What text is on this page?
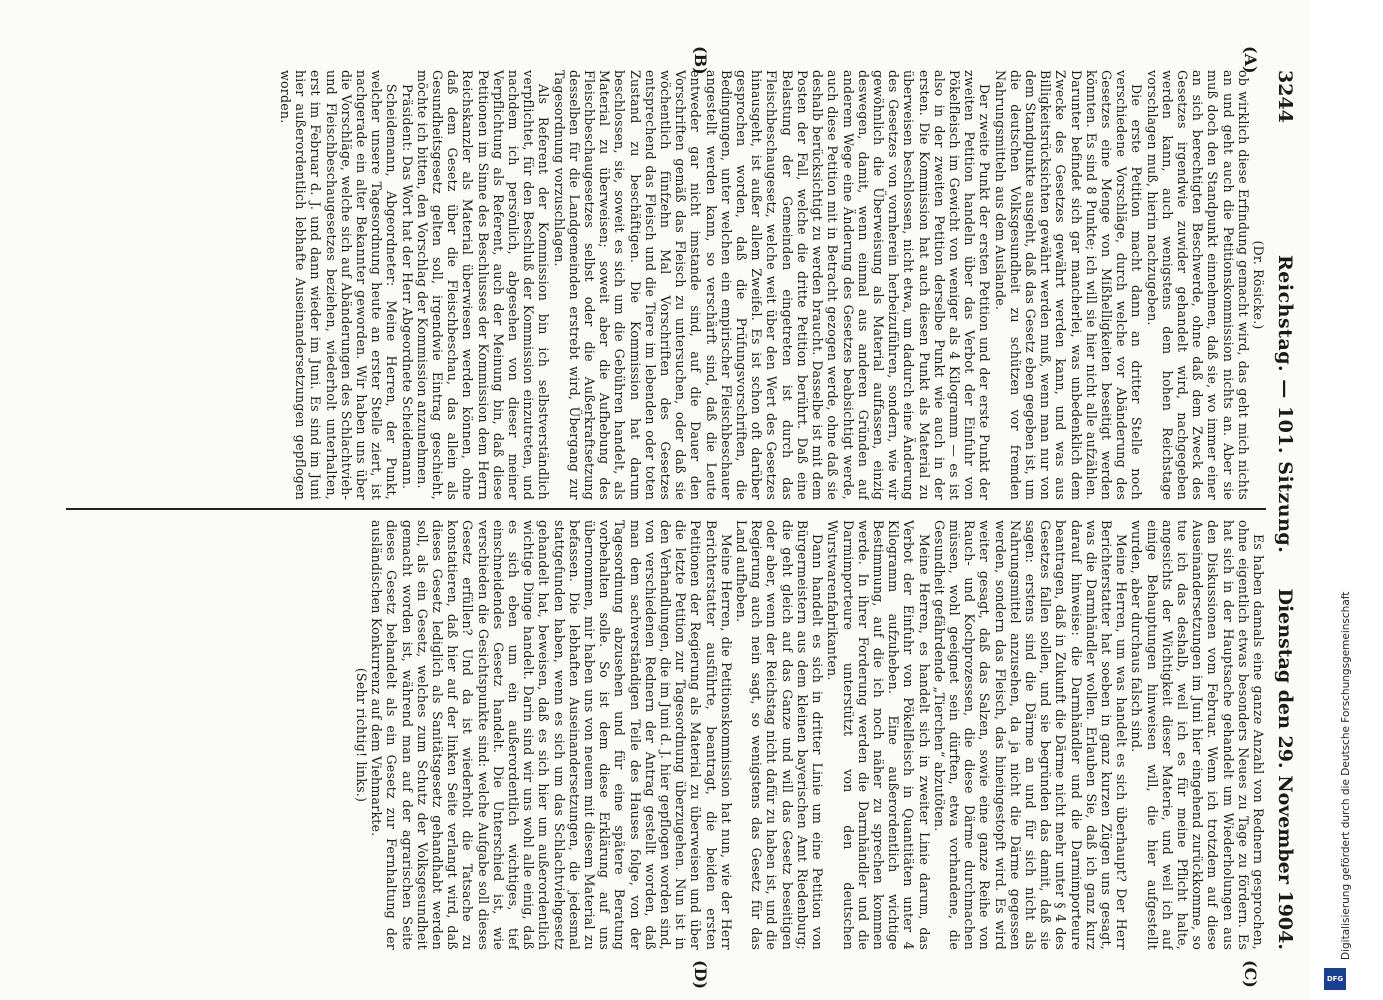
3244
Reichstag. — 101. Sitzung.
Dienstag den 29. November 1904.
(A)
(B)
(C)
(D)

(Dr. Rösicke.)

ob wirklich diese Erfindung gemacht wird, das geht mich nichts an und geht auch die Petitionskommission nichts an. Aber sie muß doch den Standpunkt einnehmen, daß sie, wo immer einer an sich berechtigten Beschwerde, ohne daß dem Zweck des Gesetzes irgendwie zuwider gehandelt wird, nachgegeben werden kann, auch wenigstens dem hohen Reichstage vorschlagen muß, hierin nachzugeben.

Die erste Petition macht dann an dritter Stelle noch verschiedene Vorschläge, durch welche vor Abänderung des Gesetzes eine Menge von Mißhelligkeiten beseitigt werden könnten. Es sind 8 Punkte; ich will sie hier nicht alle aufzählen. Darunter befindet sich gar mancherlei, was unbedenklich dem Zwecke des Gesetzes gewährt werden kann, und was aus Billigkeitsrücksichten gewährt werden muß, wenn man nur von dem Standpunkte ausgeht, daß das Gesetz eben gegeben ist, um die deutschen Volksgesundheit zu schützen vor fremden Nahrungsmitteln aus dem Auslande.

Der zweite Punkt der ersten Petition und der erste Punkt der zweiten Petition handeln über das Verbot der Einfuhr von Pökelfleisch im Gewicht von weniger als 4 Kilogramm — es ist also in der zweiten Petition derselbe Punkt wie auch in der ersten. Die Kommission hat auch diesen Punkt als Material zu überweisen beschlossen, nicht etwa, um dadurch eine Änderung des Gesetzes von vornherein herbeizuführen, sondern, wie wir gewöhnlich die Überweisung als Material auffassen, einzig deswegen, damit, wenn einmal aus anderen Gründen auf anderem Wege eine Änderung des Gesetzes beabsichtigt werde, auch diese Petition mit in Betracht gezogen werde, ohne daß sie deshalb berücksichtigt zu werden braucht. Dasselbe ist mit dem Posten der Fall, welche die dritte Petition berührt. Daß eine Belastung der Gemeinden eingetreten ist durch das Fleischbeschaugesetz, welche weit über den Wert des Gesetzes hinausgeht, ist außer allem Zweifel. Es ist schon oft darüber gesprochen worden, daß die Prüfungsvorschriften, die Bedingungen, unter welchen ein empirischer Fleischbeschauer angestellt werden kann, so verschärft sind, daß die Leute entweder gar nicht imstande sind, auf die Dauer den Vorschriften gemäß das Fleisch zu untersuchen, oder daß sie wöchentlich fünfzehn Mal Vorschriften des Gesetzes entsprechend das Fleisch und die Tiere im lebenden oder toten Zustand zu beschäftigen. Die Kommission hat darum beschlossen, sie, soweit es sich um die Gebühren handelt, als Material zu überweisen; soweit aber die Aufhebung des Fleischbeschaugesetzes selbst oder die Außerkraftsetzung desselben für die Landgemeinden erstrebt wird, Übergang zur Tagesordnung vorzuschlagen.

Als Referent der Kommission bin ich selbstverständlich verpflichtet, für den Beschluß der Kommission einzutreten, und nachdem ich persönlich, abgesehen von dieser meiner Verpflichtung als Referent, auch der Meinung bin, daß diese Petitionen im Sinne des Beschlusses der Kommission dem Herrn Reichskanzler als Material überwiesen werden können, ohne daß dem Gesetz über die Fleischbeschau, das allein als Gesundheitsgesetz gelten soll, irgendwie Eintrag geschieht, möchte ich bitten, den Vorschlag der Kommission anzunehmen.

Präsident: Das Wort hat der Herr Abgeordnete Scheidemann.

Scheidemann, Abgeordneter: Meine Herren, der Punkt, welcher unsere Tagesordnung heute an erster Stelle ziert, ist nachgerade ein alter Bekannter geworden. Wir haben uns über die Vorschläge, welche sich auf Abänderungen des Schlachtvieh- und Fleischbeschaugesetzes beziehen, wiederholt unterhalten, erst im Februar d. J. und dann wieder im Juni. Es sind im Juni hier außerordentlich lebhafte Auseinandersetzungen gepflogen worden.

Es haben damals eine ganze Anzahl von Rednern gesprochen, ohne eigentlich etwas besonders Neues zu Tage zu fördern. Es hat sich in der Hauptsache gehandelt um Wiederholungen aus den Diskussionen vom Februar. Wenn ich trotzdem auf diese Auseinandersetzungen im Juni hier eingehend zurückkomme, so tue ich das deshalb, weil ich es für meine Pflicht halte, angesichts der Wichtigkeit dieser Materie, und weil ich auf einige Behauptungen hinweisen will, die hier aufgestellt wurden, aber durchaus falsch sind.

Meine Herren, um was handelt es sich überhaupt? Der Herr Berichterstatter hat soeben in ganz kurzen Zügen uns gesagt, was die Darmhändler wollen. Erlauben Sie, daß ich ganz kurz darauf hinweise: die Darmhändler und die Darmimporteure beantragen, daß in Zukunft die Därme nicht mehr unter § 4 des Gesetzes fallen sollen, und sie begründen das damit, daß sie sagen: erstens sind die Därme an und für sich nicht als Nahrungsmittel anzusehen, da ja nicht die Därme gegessen werden, sondern das Fleisch, das hineingestopft wird. Es wird weiter gesagt, daß das Salzen, sowie eine ganze Reihe von Rauch- und Kochprozessen, die diese Därme durchmachen müssen, wohl geeignet sein dürften, etwa vorhandene, die Gesundheit gefährdende „Tierchen“ abzutöten.

Meine Herren, es handelt sich in zweiter Linie darum, das Verbot der Einfuhr von Pökelfleisch in Quantitäten unter 4 Kilogramm aufzuheben. Eine außerordentlich wichtige Bestimmung, auf die ich noch näher zu sprechen kommen werde. In ihrer Forderung werden die Darmhändler und die Darmimporteure unterstützt von den deutschen Wurstwarenfabrikanten.

Dann handelt es sich in dritter Linie um eine Petition von Bürgermeistern aus dem kleinen bayerischen Amt Riedenburg; die geht gleich auf das Ganze und will das Gesetz beseitigen oder aber, wenn der Reichstag nicht dafür zu haben ist, und die Regierung auch nein sagt, so wenigstens das Gesetz für das Land aufheben.

Meine Herren, die Petitionskommission hat nun, wie der Herr Berichterstatter ausführte, beantragt, die beiden ersten Petitionen der Regierung als Material zu überweisen und über die letzte Petition zur Tagesordnung überzugehen. Nun ist in den Verhandlungen, die im Juni d. J. hier gepflogen worden sind, von verschiedenen Rednern der Antrag gestellt worden, daß man dem sachverständigen Teile des Hauses folge, von der Tagesordnung abzusehen und für eine spätere Beratung vorbehalten solle. So ist dem diese Erklärung auf uns übernommen, mir haben uns von neuem mit diesem Material zu befassen. Die lebhaften Auseinandersetzungen, die jedesmal stattgefunden haben, wenn es sich um das Schlachtviehgesetz gehandelt hat, beweisen, daß es sich hier um außerordentlich wichtige Dinge handelt. Darin sind wir uns wohl alle einig, daß es sich eben um ein außerordentlich wichtiges, tief einschneidendes Gesetz handelt. Die Unterschied ist, wie verschieden die Gesichtspunkte sind: welche Aufgabe soll dieses Gesetz erfüllen? Und da ist wiederholt die Tatsache zu konstatieren, daß hier auf der linken Seite verlangt wird, daß dieses Gesetz lediglich als Sanitätsgesetz gehandhabt werden soll, als ein Gesetz, welches zum Schutz der Volksgesundheit gemacht worden ist, während man auf der agrarischen Seite dieses Gesetz behandelt als ein Gesetz zur Fernhaltung der ausländischen Konkurrenz auf dem Viehmarkte.

(Sehr richtig! links.)	Digitalisierung gefördert durch die Deutsche Forschungsgemeinschaft
DFG
